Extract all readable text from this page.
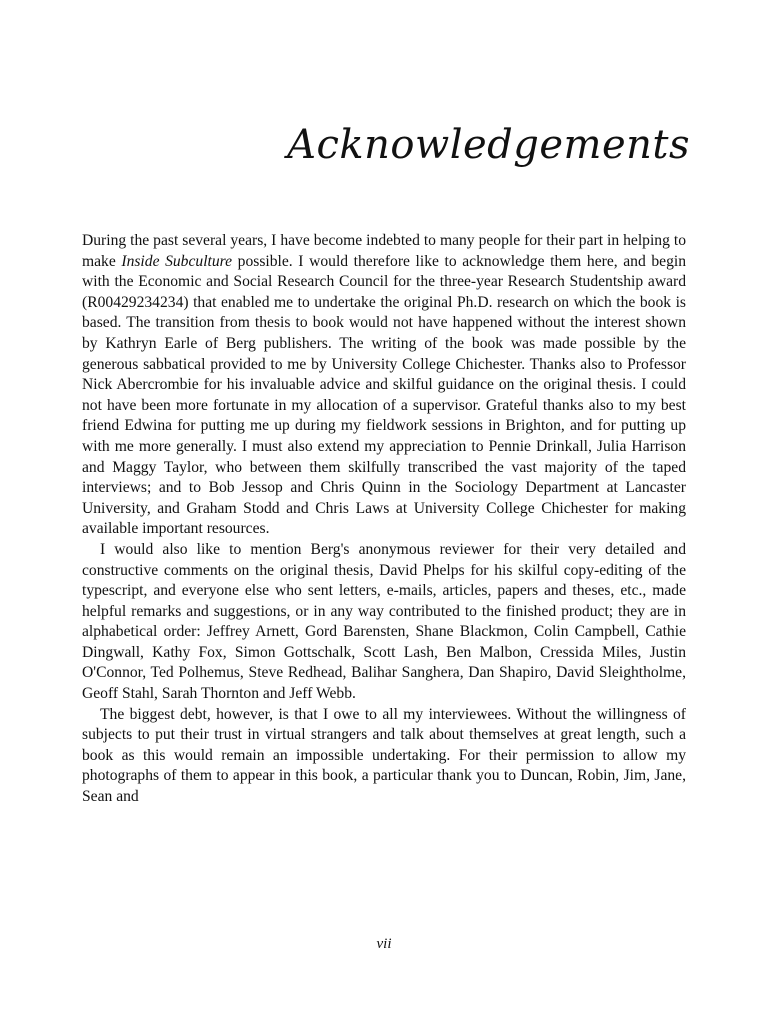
Acknowledgements

During the past several years, I have become indebted to many people for their part in helping to make Inside Subculture possible. I would therefore like to acknowledge them here, and begin with the Economic and Social Research Council for the three-year Research Studentship award (R00429234234) that enabled me to undertake the original Ph.D. research on which the book is based. The transition from thesis to book would not have happened without the interest shown by Kathryn Earle of Berg publishers. The writing of the book was made possible by the generous sabbatical provided to me by University College Chichester. Thanks also to Professor Nick Abercrombie for his invaluable advice and skilful guidance on the original thesis. I could not have been more fortunate in my allocation of a supervisor. Grateful thanks also to my best friend Edwina for putting me up during my fieldwork sessions in Brighton, and for putting up with me more generally. I must also extend my appreciation to Pennie Drinkall, Julia Harrison and Maggy Taylor, who between them skilfully transcribed the vast majority of the taped interviews; and to Bob Jessop and Chris Quinn in the Sociology Department at Lancaster University, and Graham Stodd and Chris Laws at University College Chichester for making available important resources.

I would also like to mention Berg's anonymous reviewer for their very detailed and constructive comments on the original thesis, David Phelps for his skilful copy-editing of the typescript, and everyone else who sent letters, e-mails, articles, papers and theses, etc., made helpful remarks and suggestions, or in any way contributed to the finished product; they are in alphabetical order: Jeffrey Arnett, Gord Barensten, Shane Blackmon, Colin Campbell, Cathie Dingwall, Kathy Fox, Simon Gottschalk, Scott Lash, Ben Malbon, Cressida Miles, Justin O'Connor, Ted Polhemus, Steve Redhead, Balihar Sanghera, Dan Shapiro, David Sleightholme, Geoff Stahl, Sarah Thornton and Jeff Webb.

The biggest debt, however, is that I owe to all my interviewees. Without the willingness of subjects to put their trust in virtual strangers and talk about themselves at great length, such a book as this would remain an impossible undertaking. For their permission to allow my photographs of them to appear in this book, a particular thank you to Duncan, Robin, Jim, Jane, Sean and

vii
